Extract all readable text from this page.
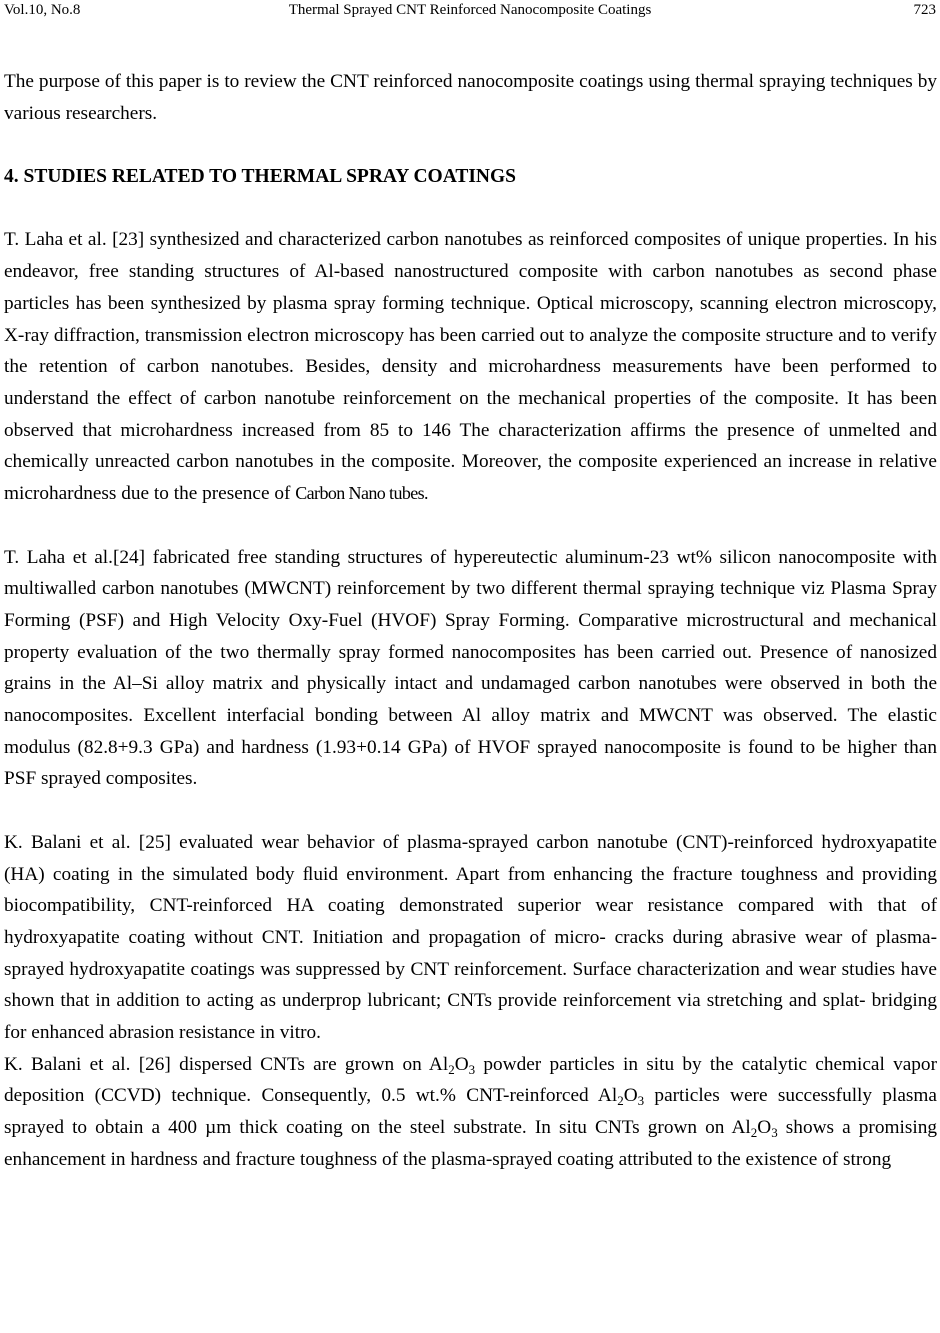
Vol.10, No.8	Thermal Sprayed CNT Reinforced Nanocomposite Coatings	723

The purpose of this paper is to review the CNT reinforced nanocomposite coatings using thermal spraying techniques by various researchers.

4. STUDIES RELATED TO THERMAL SPRAY COATINGS

T. Laha et al. [23] synthesized and characterized carbon nanotubes as reinforced composites of unique properties. In his endeavor, free standing structures of Al-based nanostructured composite with carbon nanotubes as second phase particles has been synthesized by plasma spray forming technique. Optical microscopy, scanning electron microscopy, X-ray diffraction, transmission electron microscopy has been carried out to analyze the composite structure and to verify the retention of carbon nanotubes. Besides, density and microhardness measurements have been performed to understand the effect of carbon nanotube reinforcement on the mechanical properties of the composite. It has been observed that microhardness increased from 85 to 146 The characterization affirms the presence of unmelted and chemically unreacted carbon nanotubes in the composite. Moreover, the composite experienced an increase in relative microhardness due to the presence of Carbon Nano tubes.

T. Laha et al.[24] fabricated free standing structures of hypereutectic aluminum-23 wt% silicon nanocomposite with multiwalled carbon nanotubes (MWCNT) reinforcement by two different thermal spraying technique viz Plasma Spray Forming (PSF) and High Velocity Oxy-Fuel (HVOF) Spray Forming. Comparative microstructural and mechanical property evaluation of the two thermally spray formed nanocomposites has been carried out. Presence of nanosized grains in the Al–Si alloy matrix and physically intact and undamaged carbon nanotubes were observed in both the nanocomposites. Excellent interfacial bonding between Al alloy matrix and MWCNT was observed. The elastic modulus (82.8+9.3 GPa) and hardness (1.93+0.14 GPa) of HVOF sprayed nanocomposite is found to be higher than PSF sprayed composites.

K. Balani et al. [25] evaluated wear behavior of plasma-sprayed carbon nanotube (CNT)-reinforced hydroxyapatite (HA) coating in the simulated body ﬂuid environment. Apart from enhancing the fracture toughness and providing biocompatibility, CNT-reinforced HA coating demonstrated superior wear resistance compared with that of hydroxyapatite coating without CNT. Initiation and propagation of micro- cracks during abrasive wear of plasma-sprayed hydroxyapatite coatings was suppressed by CNT reinforcement. Surface characterization and wear studies have shown that in addition to acting as underprop lubricant; CNTs provide reinforcement via stretching and splat- bridging for enhanced abrasion resistance in vitro.

K. Balani et al. [26] dispersed CNTs are grown on $Al_2O_3$ powder particles in situ by the catalytic chemical vapor deposition (CCVD) technique. Consequently, 0.5 wt.% CNT-reinforced $Al_2O_3$ particles were successfully plasma sprayed to obtain a 400 µm thick coating on the steel substrate. In situ CNTs grown on $Al_2O_3$ shows a promising enhancement in hardness and fracture toughness of the plasma-sprayed coating attributed to the existence of strong
